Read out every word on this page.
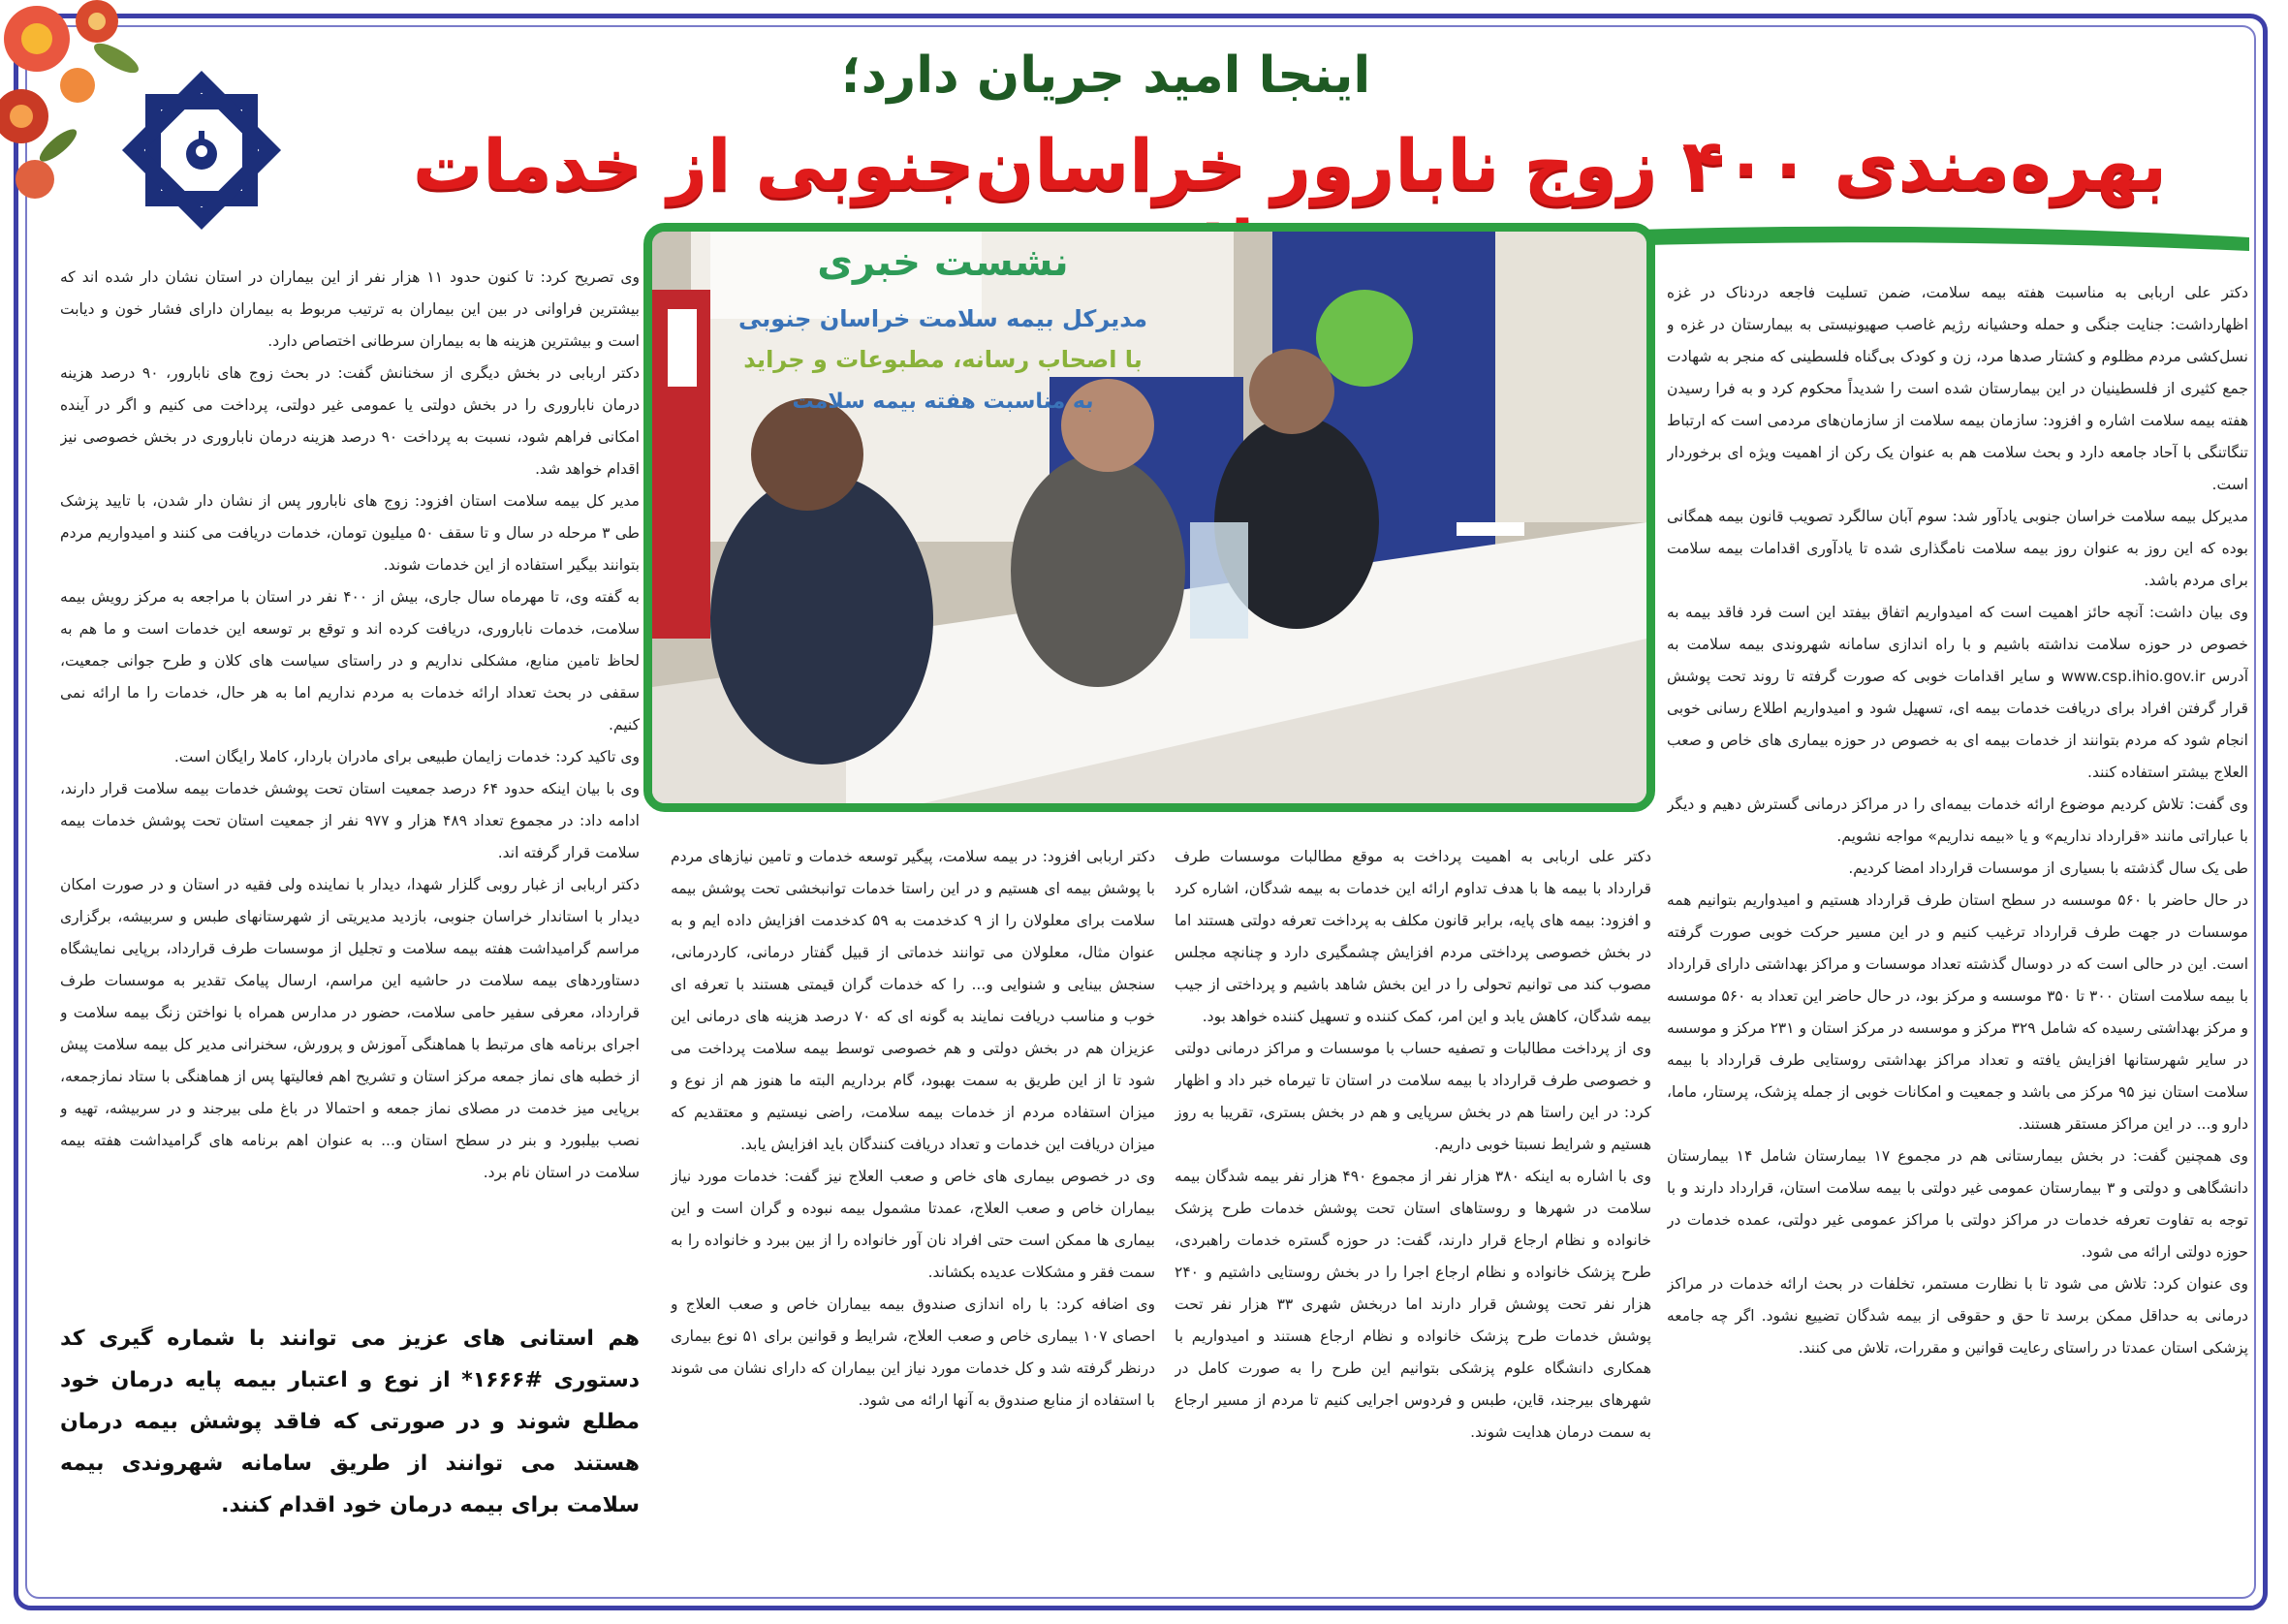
اینجا امید جریان دارد؛
بهره‌مندی ۴۰۰ زوج نابارور خراسان‌جنوبی از خدمات
نشست خبری
مدیرکل بیمه سلامت خراسان جنوبی
با اصحاب رسانه، مطبوعات و جراید
به مناسبت هفته بیمه سلامت

دکتر علی اربابی به مناسبت هفته بیمه سلامت، ضمن تسلیت فاجعه دردناک در غزه اظهارداشت: جنایت جنگی و حمله وحشیانه رژیم غاصب صهیونیستی به بیمارستان در غزه و نسل‌کشی مردم مظلوم و کشتار صدها مرد، زن و کودک بی‌گناه فلسطینی که منجر به شهادت جمع کثیری از فلسطینیان در این بیمارستان شده است را شدیداً محکوم کرد و به فرا رسیدن هفته بیمه سلامت اشاره و افزود: سازمان بیمه سلامت از سازمان‌های مردمی است که ارتباط تنگاتنگی با آحاد جامعه دارد و بحث سلامت هم به عنوان یک رکن از اهمیت ویژه ای برخوردار است.

مدیرکل بیمه سلامت خراسان جنوبی یادآور شد: سوم آبان سالگرد تصویب قانون بیمه همگانی بوده که این روز به عنوان روز بیمه سلامت نامگذاری شده تا یادآوری اقدامات بیمه سلامت برای مردم باشد.

وی بیان داشت: آنچه حائز اهمیت است که امیدواریم اتفاق بیفتد این است فرد فاقد بیمه به خصوص در حوزه سلامت نداشته باشیم و با راه اندازی سامانه شهروندی بیمه سلامت به آدرس www.csp.ihio.gov.ir و سایر اقدامات خوبی که صورت گرفته تا روند تحت پوشش قرار گرفتن افراد برای دریافت خدمات بیمه ای، تسهیل شود و امیدواریم اطلاع رسانی خوبی انجام شود که مردم بتوانند از خدمات بیمه ای به خصوص در حوزه بیماری های خاص و صعب العلاج بیشتر استفاده کنند.

وی گفت: تلاش کردیم موضوع ارائه خدمات بیمه‌ای را در مراکز درمانی گسترش دهیم و دیگر با عباراتی مانند «قرارداد نداریم» و یا «بیمه نداریم» مواجه نشویم.

طی یک سال گذشته با بسیاری از موسسات قرارداد امضا کردیم.

در حال حاضر با ۵۶۰ موسسه در سطح استان طرف قرارداد هستیم و امیدواریم بتوانیم همه موسسات در جهت طرف قرارداد ترغیب کنیم و در این مسیر حرکت خوبی صورت گرفته است. این در حالی است که در دوسال گذشته تعداد موسسات و مراکز بهداشتی دارای قرارداد با بیمه سلامت استان ۳۰۰ تا ۳۵۰ موسسه و مرکز بود، در حال حاضر این تعداد به ۵۶۰ موسسه و مرکز بهداشتی رسیده که شامل ۳۲۹ مرکز و موسسه در مرکز استان و ۲۳۱ مرکز و موسسه در سایر شهرستانها افزایش یافته و تعداد مراکز بهداشتی روستایی طرف قرارداد با بیمه سلامت استان نیز ۹۵ مرکز می باشد و جمعیت و امکانات خوبی از جمله پزشک، پرستار، ماما، دارو و... در این مراکز مستقر هستند.

وی همچنین گفت: در بخش بیمارستانی هم در مجموع ۱۷ بیمارستان شامل ۱۴ بیمارستان دانشگاهی و دولتی و ۳ بیمارستان عمومی غیر دولتی با بیمه سلامت استان، قرارداد دارند و با توجه به تفاوت تعرفه خدمات در مراکز دولتی با مراکز عمومی غیر دولتی، عمده خدمات در حوزه دولتی ارائه می شود.

وی عنوان کرد: تلاش می شود تا با نظارت مستمر، تخلفات در بحث ارائه خدمات در مراکز درمانی به حداقل ممکن برسد تا حق و حقوقی از بیمه شدگان تضییع نشود. اگر چه جامعه پزشکی استان عمدتا در راستای رعایت قوانین و مقررات، تلاش می کنند.

دکتر علی اربابی به اهمیت پرداخت به موقع مطالبات موسسات طرف قرارداد با بیمه ها با هدف تداوم ارائه این خدمات به بیمه شدگان، اشاره کرد و افزود: بیمه های پایه، برابر قانون مکلف به پرداخت تعرفه دولتی هستند اما در بخش خصوصی پرداختی مردم افزایش چشمگیری دارد و چنانچه مجلس مصوب کند می توانیم تحولی را در این بخش شاهد باشیم و پرداختی از جیب بیمه شدگان، کاهش یابد و این امر، کمک کننده و تسهیل کننده خواهد بود.

وی از پرداخت مطالبات و تصفیه حساب با موسسات و مراکز درمانی دولتی و خصوصی طرف قرارداد با بیمه سلامت در استان تا تیرماه خبر داد و اظهار کرد: در این راستا هم در بخش سرپایی و هم در بخش بستری، تقریبا به روز هستیم و شرایط نسبتا خوبی داریم.

وی با اشاره به اینکه ۳۸۰ هزار نفر از مجموع ۴۹۰ هزار نفر بیمه شدگان بیمه سلامت در شهرها و روستاهای استان تحت پوشش خدمات طرح پزشک خانواده و نظام ارجاع قرار دارند، گفت: در حوزه گستره خدمات راهبردی، طرح پزشک خانواده و نظام ارجاع اجرا را در بخش روستایی داشتیم و ۲۴۰ هزار نفر تحت پوشش قرار دارند اما دربخش شهری ۳۳ هزار نفر تحت پوشش خدمات طرح پزشک خانواده و نظام ارجاع هستند و امیدواریم با همکاری دانشگاه علوم پزشکی بتوانیم این طرح را به صورت کامل در شهرهای بیرجند، قاین، طبس و فردوس اجرایی کنیم تا مردم از مسیر ارجاع به سمت درمان هدایت شوند.

دکتر اربابی افزود: در بیمه سلامت، پیگیر توسعه خدمات و تامین نیازهای مردم با پوشش بیمه ای هستیم و در این راستا خدمات توانبخشی تحت پوشش بیمه سلامت برای معلولان را از ۹ کدخدمت به ۵۹ کدخدمت افزایش داده ایم و به عنوان مثال، معلولان می توانند خدماتی از قبیل گفتار درمانی، کاردرمانی، سنجش بینایی و شنوایی و... را که خدمات گران قیمتی هستند با تعرفه ای خوب و مناسب دریافت نمایند به گونه ای که ۷۰ درصد هزینه های درمانی این عزیزان هم در بخش دولتی و هم خصوصی توسط بیمه سلامت پرداخت می شود تا از این طریق به سمت بهبود، گام برداریم البته ما هنوز هم از نوع و میزان استفاده مردم از خدمات بیمه سلامت، راضی نیستیم و معتقدیم که میزان دریافت این خدمات و تعداد دریافت کنندگان باید افزایش یابد.

وی در خصوص بیماری های خاص و صعب العلاج نیز گفت: خدمات مورد نیاز بیماران خاص و صعب العلاج، عمدتا مشمول بیمه نبوده و گران است و این بیماری ها ممکن است حتی افراد نان آور خانواده را از بین ببرد و خانواده را به سمت فقر و مشکلات عدیده بکشاند.

وی اضافه کرد: با راه اندازی صندوق بیمه بیماران خاص و صعب العلاج و احصای ۱۰۷ بیماری خاص و صعب العلاج، شرایط و قوانین برای ۵۱ نوع بیماری درنظر گرفته شد و کل خدمات مورد نیاز این بیماران که دارای نشان می شوند با استفاده از منابع صندوق به آنها ارائه می شود.

وی تصریح کرد: تا کنون حدود ۱۱ هزار نفر از این بیماران در استان نشان دار شده اند که بیشترین فراوانی در بین این بیماران به ترتیب مربوط به بیماران دارای فشار خون و دیابت است و بیشترین هزینه ها به بیماران سرطانی اختصاص دارد.

دکتر اربابی در بخش دیگری از سخنانش گفت: در بحث زوج های نابارور، ۹۰ درصد هزینه درمان ناباروری را در بخش دولتی یا عمومی غیر دولتی، پرداخت می کنیم و اگر در آینده امکانی فراهم شود، نسبت به پرداخت ۹۰ درصد هزینه درمان ناباروری در بخش خصوصی نیز اقدام خواهد شد.

مدیر کل بیمه سلامت استان افزود: زوج های نابارور پس از نشان دار شدن، با تایید پزشک طی ۳ مرحله در سال و تا سقف ۵۰ میلیون تومان، خدمات دریافت می کنند و امیدواریم مردم بتوانند بیگیر استفاده از این خدمات شوند.

به گفته وی، تا مهرماه سال جاری، بیش از ۴۰۰ نفر در استان با مراجعه به مرکز رویش بیمه سلامت، خدمات ناباروری، دریافت کرده اند و توقع بر توسعه این خدمات است و ما هم به لحاظ تامین منابع، مشکلی نداریم و در راستای سیاست های کلان و طرح جوانی جمعیت، سقفی در بحث تعداد ارائه خدمات به مردم نداریم اما به هر حال، خدمات را ما ارائه نمی کنیم.

وی تاکید کرد: خدمات زایمان طبیعی برای مادران باردار، کاملا رایگان است.

وی با بیان اینکه حدود ۶۴ درصد جمعیت استان تحت پوشش خدمات بیمه سلامت قرار دارند، ادامه داد: در مجموع تعداد ۴۸۹ هزار و ۹۷۷ نفر از جمعیت استان تحت پوشش خدمات بیمه سلامت قرار گرفته اند.

دکتر اربابی از غبار روبی گلزار شهدا، دیدار با نماینده ولی فقیه در استان و در صورت امکان دیدار با استاندار خراسان جنوبی، بازدید مدیریتی از شهرستانهای طبس و سربیشه، برگزاری مراسم گرامیداشت هفته بیمه سلامت و تجلیل از موسسات طرف قرارداد، برپایی نمایشگاه دستاوردهای بیمه سلامت در حاشیه این مراسم، ارسال پیامک تقدیر به موسسات طرف قرارداد، معرفی سفیر حامی سلامت، حضور در مدارس همراه با نواختن زنگ بیمه سلامت و اجرای برنامه های مرتبط با هماهنگی آموزش و پرورش، سخنرانی مدیر کل بیمه سلامت پیش از خطبه های نماز جمعه مرکز استان و تشریح اهم فعالیتها پس از هماهنگی با ستاد نمازجمعه، برپایی میز خدمت در مصلای نماز جمعه و احتمالا در باغ ملی بیرجند و در سربیشه، تهیه و نصب بیلبورد و بنر در سطح استان و... به عنوان اهم برنامه های گرامیداشت هفته بیمه سلامت در استان نام برد.

هم استانی های عزیز می توانند با شماره گیری کد دستوری #۱۶۶۶* از نوع و اعتبار بیمه پایه درمان خود مطلع شوند و در صورتی که فاقد پوشش بیمه درمان هستند می توانند از طریق سامانه شهروندی بیمه سلامت برای بیمه درمان خود اقدام کنند.
